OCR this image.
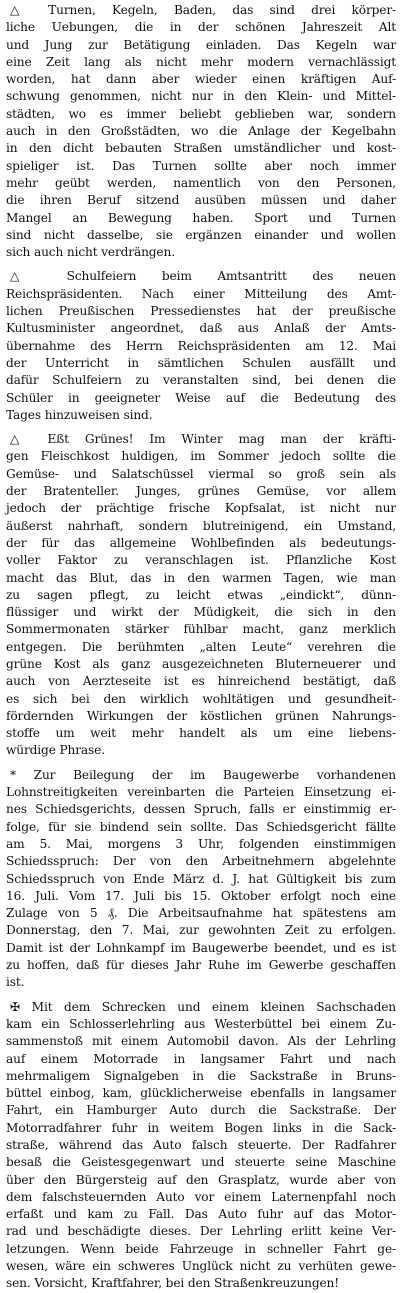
△ Turnen, Kegeln, Baden, das sind drei körper-
liche Uebungen, die in der schönen Jahreszeit Alt
und Jung zur Betätigung einladen. Das Kegeln war
eine Zeit lang als nicht mehr modern vernachlässigt
worden, hat dann aber wieder einen kräftigen Auf-
schwung genommen, nicht nur in den Klein- und Mittel-
städten, wo es immer beliebt geblieben war, sondern
auch in den Großstädten, wo die Anlage der Kegelbahn
in den dicht bebauten Straßen umständlicher und kost-
spieliger ist. Das Turnen sollte aber noch immer
mehr geübt werden, namentlich von den Personen,
die ihren Beruf sitzend ausüben müssen und daher
Mangel an Bewegung haben. Sport und Turnen
sind nicht dasselbe, sie ergänzen einander und wollen
sich auch nicht verdrängen.
△ Schulfeiern beim Amtsantritt des neuen
Reichspräsidenten. Nach einer Mitteilung des Amt-
lichen Preußischen Pressedienstes hat der preußische
Kultusminister angeordnet, daß aus Anlaß der Amts-
übernahme des Herrn Reichspräsidenten am 12. Mai
der Unterricht in sämtlichen Schulen ausfällt und
dafür Schulfeiern zu veranstalten sind, bei denen die
Schüler in geeigneter Weise auf die Bedeutung des
Tages hinzuweisen sind.
△ Eßt Grünes! Im Winter mag man der kräfti-
gen Fleischkost huldigen, im Sommer jedoch sollte die
Gemüse- und Salatschüssel viermal so groß sein als
der Bratenteller. Junges, grünes Gemüse, vor allem
jedoch der prächtige frische Kopfsalat, ist nicht nur
äußerst nahrhaft, sondern blutreinigend, ein Umstand,
der für das allgemeine Wohlbefinden als bedeutungs-
voller Faktor zu veranschlagen ist. Pflanzliche Kost
macht das Blut, das in den warmen Tagen, wie man
zu sagen pflegt, zu leicht etwas „eindickt“, dünn-
flüssiger und wirkt der Müdigkeit, die sich in den
Sommermonaten stärker fühlbar macht, ganz merklich
entgegen. Die berühmten „alten Leute“ verehren die
grüne Kost als ganz ausgezeichneten Bluterneuerer und
auch von Aerzteseite ist es hinreichend bestätigt, daß
es sich bei den wirklich wohltätigen und gesundheit-
fördernden Wirkungen der köstlichen grünen Nahrungs-
stoffe um weit mehr handelt als um eine liebens-
würdige Phrase.
* Zur Beilegung der im Baugewerbe vorhandenen
Lohnstreitigkeiten vereinbarten die Parteien Einsetzung ei-
nes Schiedsgerichts, dessen Spruch, falls er einstimmig er-
folge, für sie bindend sein sollte. Das Schiedsgericht fällte
am 5. Mai, morgens 3 Uhr, folgenden einstimmigen
Schiedsspruch: Der von den Arbeitnehmern abgelehnte
Schiedsspruch von Ende März d. J. hat Gültigkeit bis zum
16. Juli. Vom 17. Juli bis 15. Oktober erfolgt noch eine
Zulage von 5 ₰. Die Arbeitsaufnahme hat spätestens am
Donnerstag, den 7. Mai, zur gewohnten Zeit zu erfolgen.
Damit ist der Lohnkampf im Baugewerbe beendet, und es ist
zu hoffen, daß für dieses Jahr Ruhe im Gewerbe geschaffen
ist.
✠ Mit dem Schrecken und einem kleinen Sachschaden
kam ein Schlosserlehrling aus Westerbüttel bei einem Zu-
sammenstoß mit einem Automobil davon. Als der Lehrling
auf einem Motorrade in langsamer Fahrt und nach
mehrmaligem Signalgeben in die Sackstraße in Bruns-
büttel einbog, kam, glücklicherweise ebenfalls in langsamer
Fahrt, ein Hamburger Auto durch die Sackstraße. Der
Motorradfahrer fuhr in weitem Bogen links in die Sack-
straße, während das Auto falsch steuerte. Der Radfahrer
besaß die Geistesgegenwart und steuerte seine Maschine
über den Bürgersteig auf den Grasplatz, wurde aber von
dem falschsteuernden Auto vor einem Laternenpfahl noch
erfaßt und kam zu Fall. Das Auto fuhr auf das Motor-
rad und beschädigte dieses. Der Lehrling erlitt keine Ver-
letzungen. Wenn beide Fahrzeuge in schneller Fahrt ge-
wesen, wäre ein schweres Unglück nicht zu verhüten gewe-
sen. Vorsicht, Kraftfahrer, bei den Straßenkreuzungen!
